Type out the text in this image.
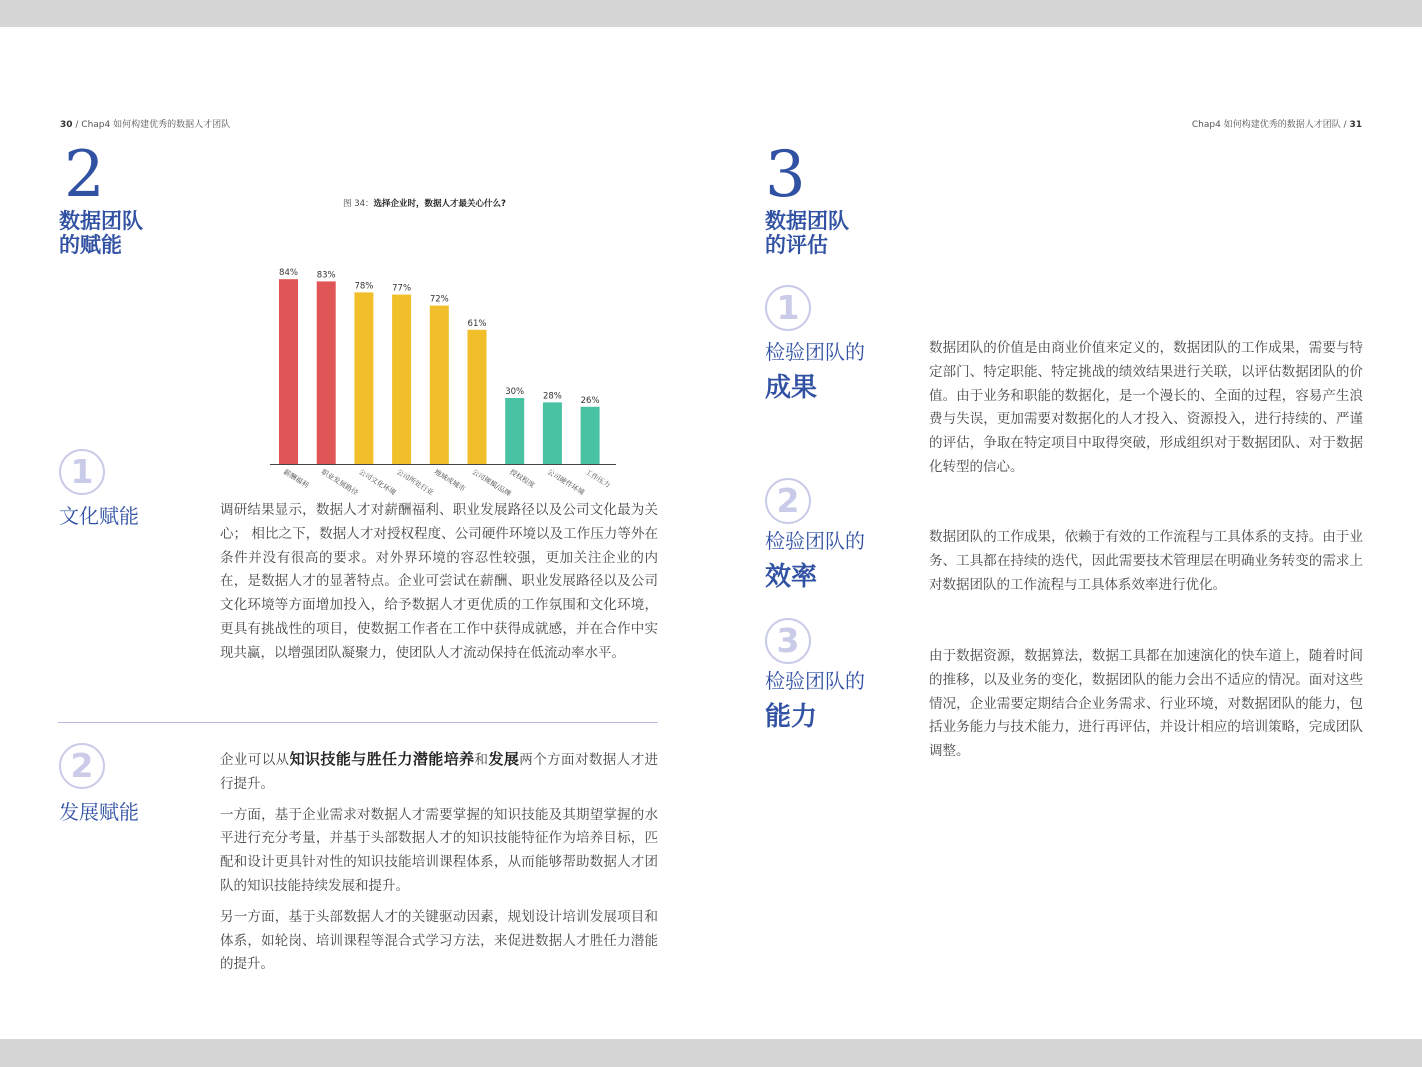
30 / Chap4 如何构建优秀的数据人才团队	Chap4 如何构建优秀的数据人才团队 / 31
2
数据团队
的赋能
图 34：选择企业时，数据人才最关心什么?
84%
薪酬福利
83%
职业发展路径
78%
公司文化环境
77%
公司所处行业
72%
地域或城市
61%
公司规模/品牌
30%
授权程度
28%
公司硬件环境
26%
工作压力
1
文化赋能	调研结果显示，数据人才对薪酬福利、职业发展路径以及公司文化最为关心； 相比之下，数据人才对授权程度、公司硬件环境以及工作压力等外在条件并没有很高的要求。对外界环境的容忍性较强，更加关注企业的内在，是数据人才的显著特点。企业可尝试在薪酬、职业发展路径以及公司文化环境等方面增加投入，给予数据人才更优质的工作氛围和文化环境，更具有挑战性的项目，使数据工作者在工作中获得成就感，并在合作中实现共赢，以增强团队凝聚力，使团队人才流动保持在低流动率水平。
2
发展赋能

企业可以从知识技能与胜任力潜能培养和发展两个方面对数据人才进行提升。

一方面，基于企业需求对数据人才需要掌握的知识技能及其期望掌握的水平进行充分考量，并基于头部数据人才的知识技能特征作为培养目标，匹配和设计更具针对性的知识技能培训课程体系，从而能够帮助数据人才团队的知识技能持续发展和提升。

另一方面，基于头部数据人才的关键驱动因素，规划设计培训发展项目和体系，如轮岗、培训课程等混合式学习方法，来促进数据人才胜任力潜能的提升。

3
数据团队
的评估
1
检验团队的
成果
数据团队的价值是由商业价值来定义的，数据团队的工作成果，需要与特定部门、特定职能、特定挑战的绩效结果进行关联，以评估数据团队的价值。由于业务和职能的数据化，是一个漫长的、全面的过程，容易产生浪费与失误，更加需要对数据化的人才投入、资源投入，进行持续的、严谨的评估，争取在特定项目中取得突破，形成组织对于数据团队、对于数据化转型的信心。
2
检验团队的
效率
数据团队的工作成果，依赖于有效的工作流程与工具体系的支持。由于业务、工具都在持续的迭代，因此需要技术管理层在明确业务转变的需求上对数据团队的工作流程与工具体系效率进行优化。
3
检验团队的
能力
由于数据资源，数据算法，数据工具都在加速演化的快车道上，随着时间的推移，以及业务的变化，数据团队的能力会出不适应的情况。面对这些情况，企业需要定期结合企业务需求、行业环境，对数据团队的能力，包括业务能力与技术能力，进行再评估，并设计相应的培训策略，完成团队调整。
